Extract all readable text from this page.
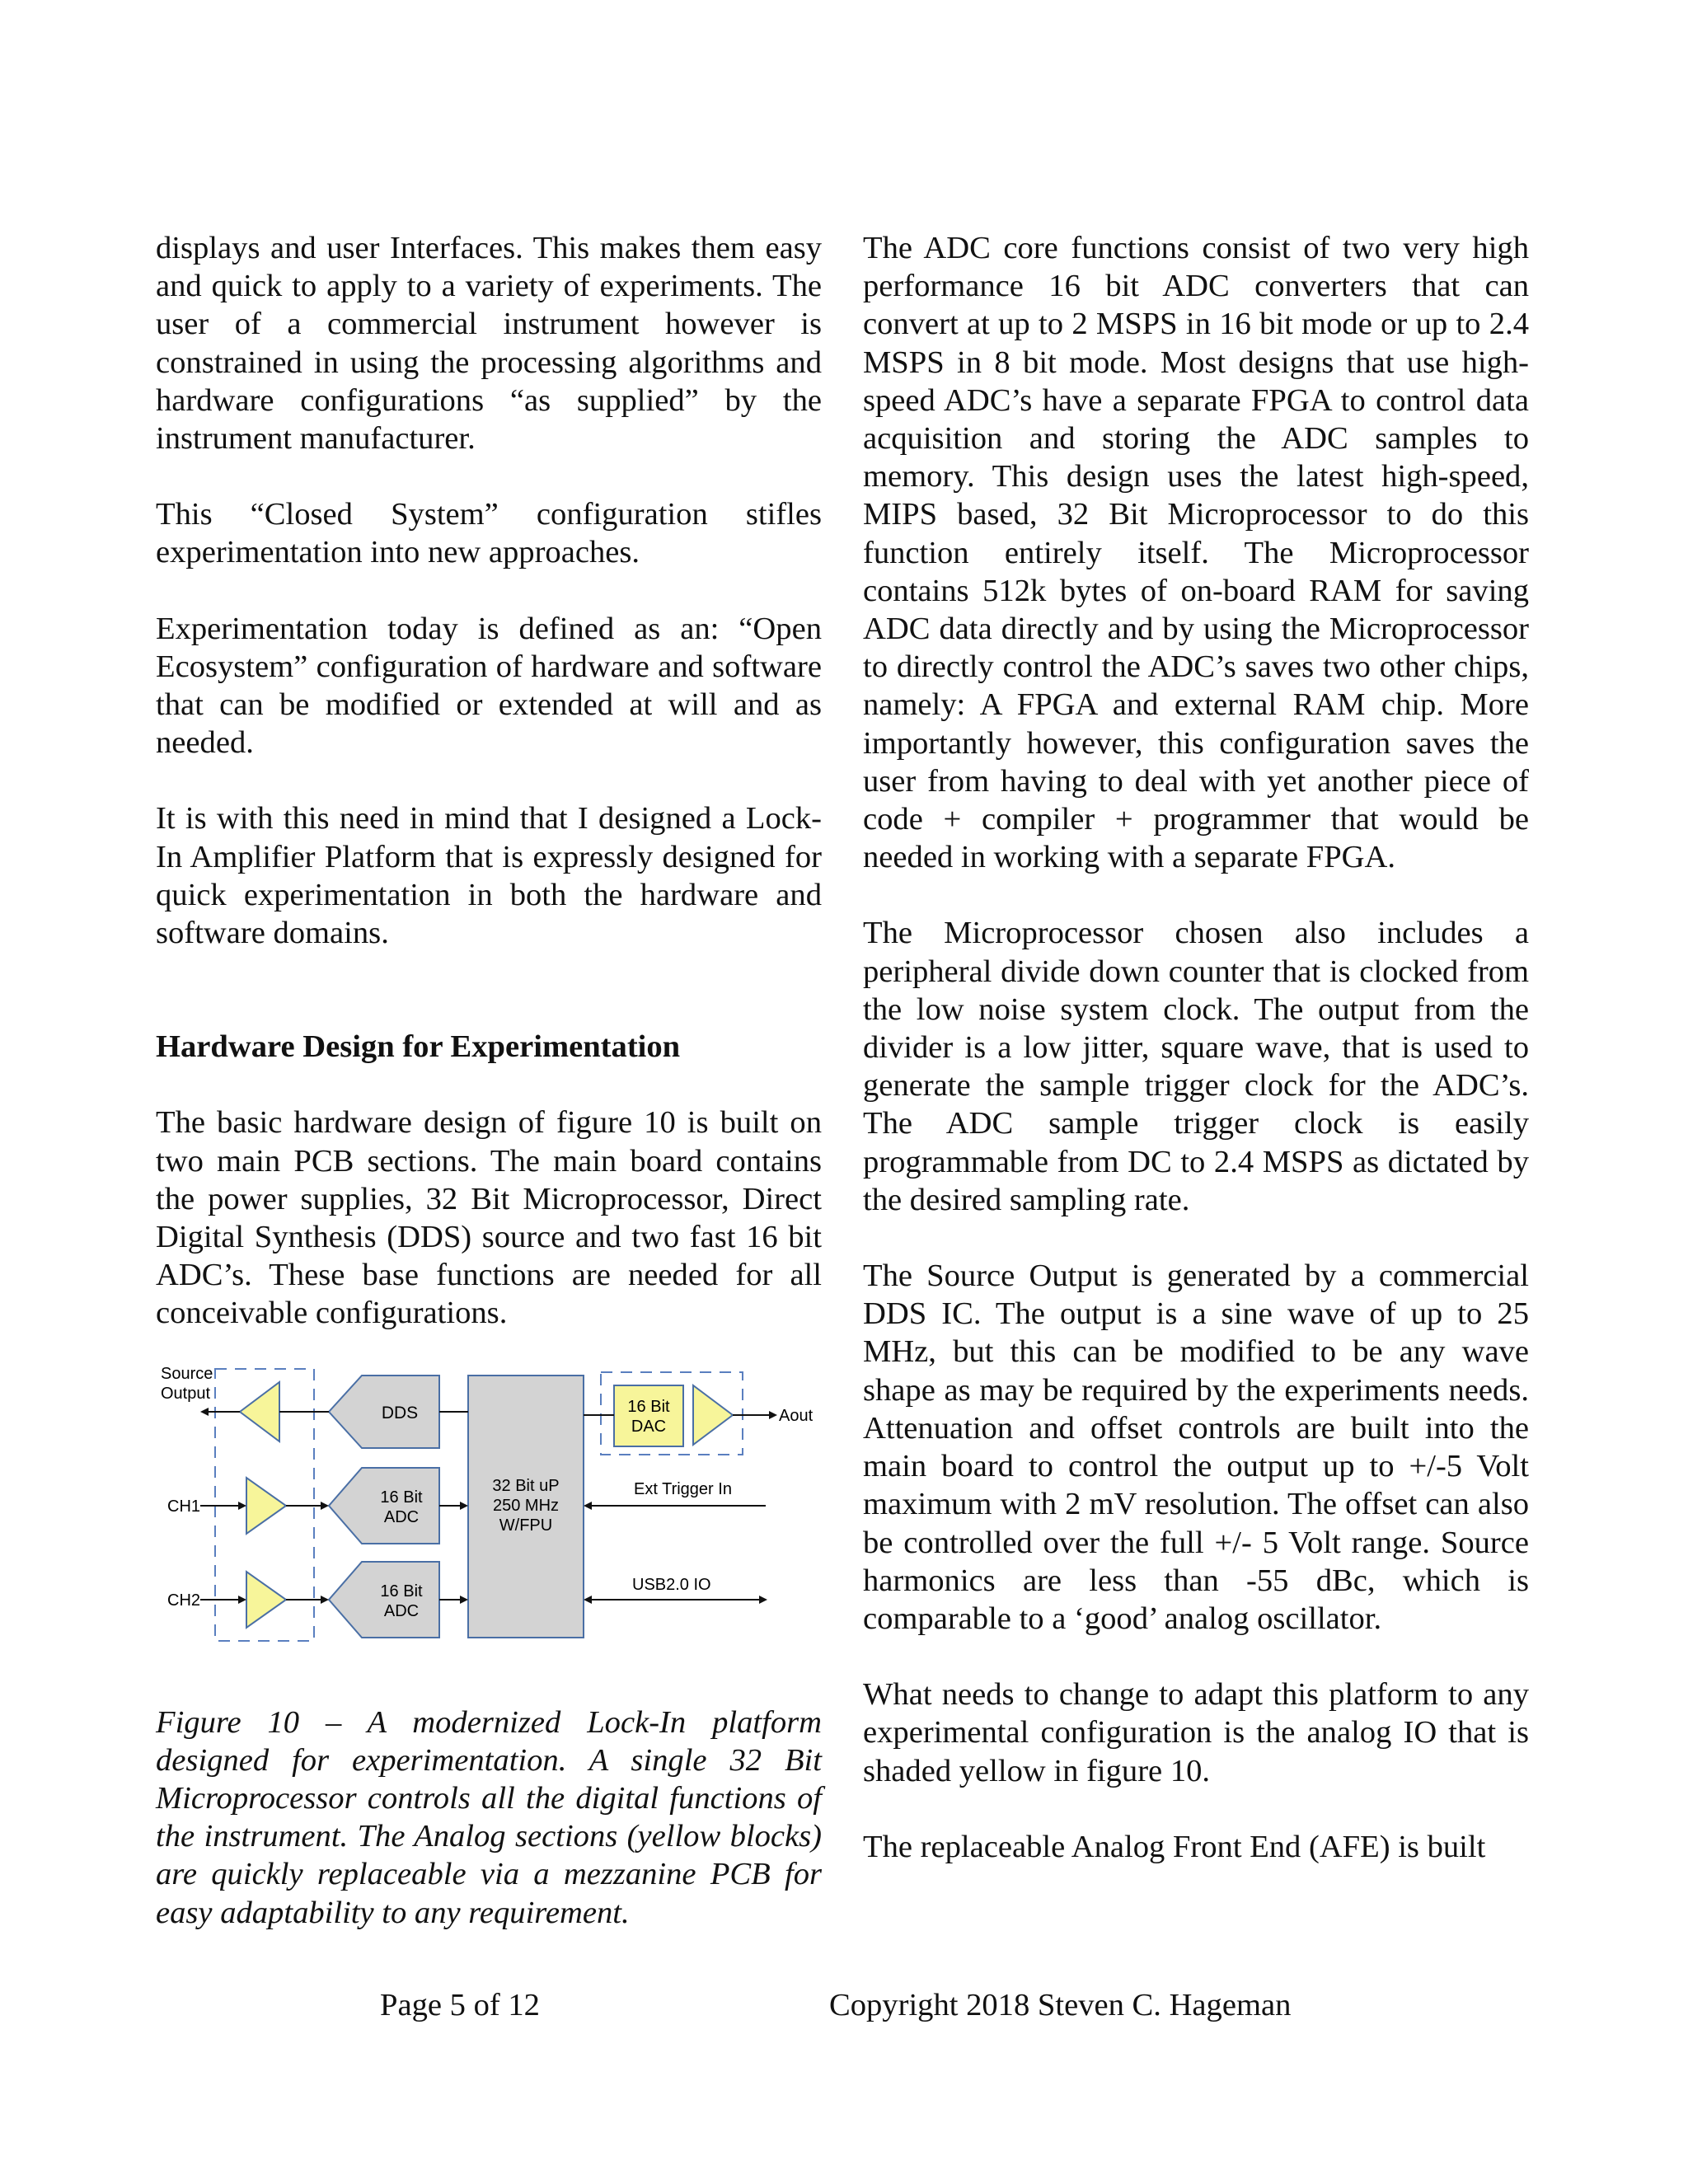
displays and user Interfaces. This makes them easy and quick to apply to a variety of experiments. The user of a commercial instrument however is constrained in using the processing algorithms and hardware configurations “as supplied” by the instrument manufacturer.

This “Closed System” configuration stifles experimentation into new approaches.

Experimentation today is defined as an: “Open Ecosystem” configuration of hardware and software that can be modified or extended at will and as needed.

It is with this need in mind that I designed a Lock-In Amplifier Platform that is expressly designed for quick experimentation in both the hardware and software domains.

Hardware Design for Experimentation

The basic hardware design of figure 10 is built on two main PCB sections. The main board contains the power supplies, 32 Bit Microprocessor, Direct Digital Synthesis (DDS) source and two fast 16 bit ADC’s. These base functions are needed for all conceivable configurations.

32 Bit uP
250 MHz
W/FPU
DDS
16 Bit
ADC
16 Bit
ADC
16 Bit
DAC
Source
Output
CH1
CH2
Aout
Ext Trigger In
USB2.0 IO

Figure 10 – A modernized Lock-In platform designed for experimentation. A single 32 Bit Microprocessor controls all the digital functions of the instrument. The Analog sections (yellow blocks) are quickly replaceable via a mezzanine PCB for easy adaptability to any requirement.

The ADC core functions consist of two very high performance 16 bit ADC converters that can convert at up to 2 MSPS in 16 bit mode or up to 2.4 MSPS in 8 bit mode. Most designs that use high-speed ADC’s have a separate FPGA to control data acquisition and storing the ADC samples to memory. This design uses the latest high-speed, MIPS based, 32 Bit Microprocessor to do this function entirely itself. The Microprocessor contains 512k bytes of on-board RAM for saving ADC data directly and by using the Microprocessor to directly control the ADC’s saves two other chips, namely: A FPGA and external RAM chip. More importantly however, this configuration saves the user from having to deal with yet another piece of code + compiler + programmer that would be needed in working with a separate FPGA.

The Microprocessor chosen also includes a peripheral divide down counter that is clocked from the low noise system clock. The output from the divider is a low jitter, square wave, that is used to generate the sample trigger clock for the ADC’s. The ADC sample trigger clock is easily programmable from DC to 2.4 MSPS as dictated by the desired sampling rate.

The Source Output is generated by a commercial DDS IC. The output is a sine wave of up to 25 MHz, but this can be modified to be any wave shape as may be required by the experiments needs. Attenuation and offset controls are built into the main board to control the output up to +/-5 Volt maximum with 2 mV resolution. The offset can also be controlled over the full +/- 5 Volt range. Source harmonics are less than -55 dBc, which is comparable to a ‘good’ analog oscillator.

What needs to change to adapt this platform to any experimental configuration is the analog IO that is shaded yellow in figure 10.

The replaceable Analog Front End (AFE) is built

Page 5 of 12	Copyright 2018 Steven C. Hageman
